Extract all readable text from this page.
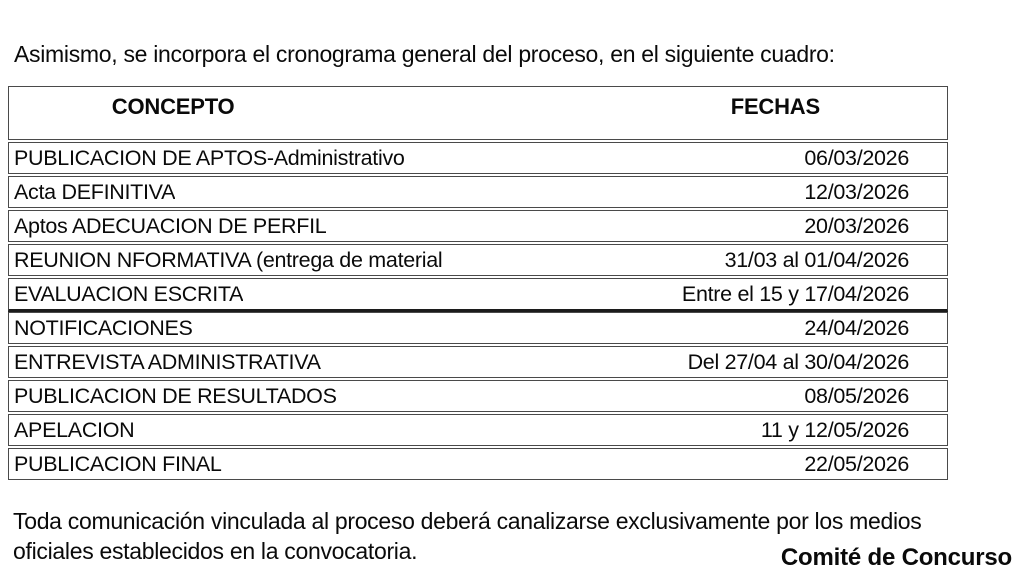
Asimismo, se incorpora el cronograma general del proceso, en el siguiente cuadro:

CONCEPTO	FECHAS
PUBLICACION DE APTOS-Administrativo	06/03/2026
Acta DEFINITIVA	12/03/2026
Aptos ADECUACION DE PERFIL	20/03/2026
REUNION NFORMATIVA (entrega de material	31/03 al 01/04/2026
EVALUACION ESCRITA	Entre el 15 y 17/04/2026
NOTIFICACIONES	24/04/2026
ENTREVISTA ADMINISTRATIVA	Del 27/04 al 30/04/2026
PUBLICACION DE RESULTADOS	08/05/2026
APELACION	11 y 12/05/2026
PUBLICACION FINAL	22/05/2026

Toda comunicación vinculada al proceso deberá canalizarse exclusivamente por los medios oficiales establecidos en la convocatoria.	Comité de Concurso
